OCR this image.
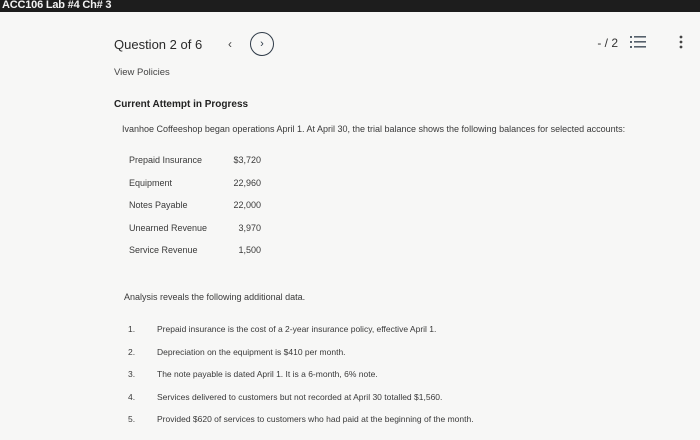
ACC106 Lab #4 Ch# 3
Question 2 of 6	‹	›	- / 2
View Policies
Current Attempt in Progress
Ivanhoe Coffeeshop began operations April 1. At April 30, the trial balance shows the following balances for selected accounts:
Prepaid Insurance	$3,720
Equipment	22,960
Notes Payable	22,000
Unearned Revenue	3,970
Service Revenue	1,500
Analysis reveals the following additional data.
1.	Prepaid insurance is the cost of a 2-year insurance policy, effective April 1.
2.	Depreciation on the equipment is $410 per month.
3.	The note payable is dated April 1. It is a 6-month, 6% note.
4.	Services delivered to customers but not recorded at April 30 totalled $1,560.
5.	Provided $620 of services to customers who had paid at the beginning of the month.
